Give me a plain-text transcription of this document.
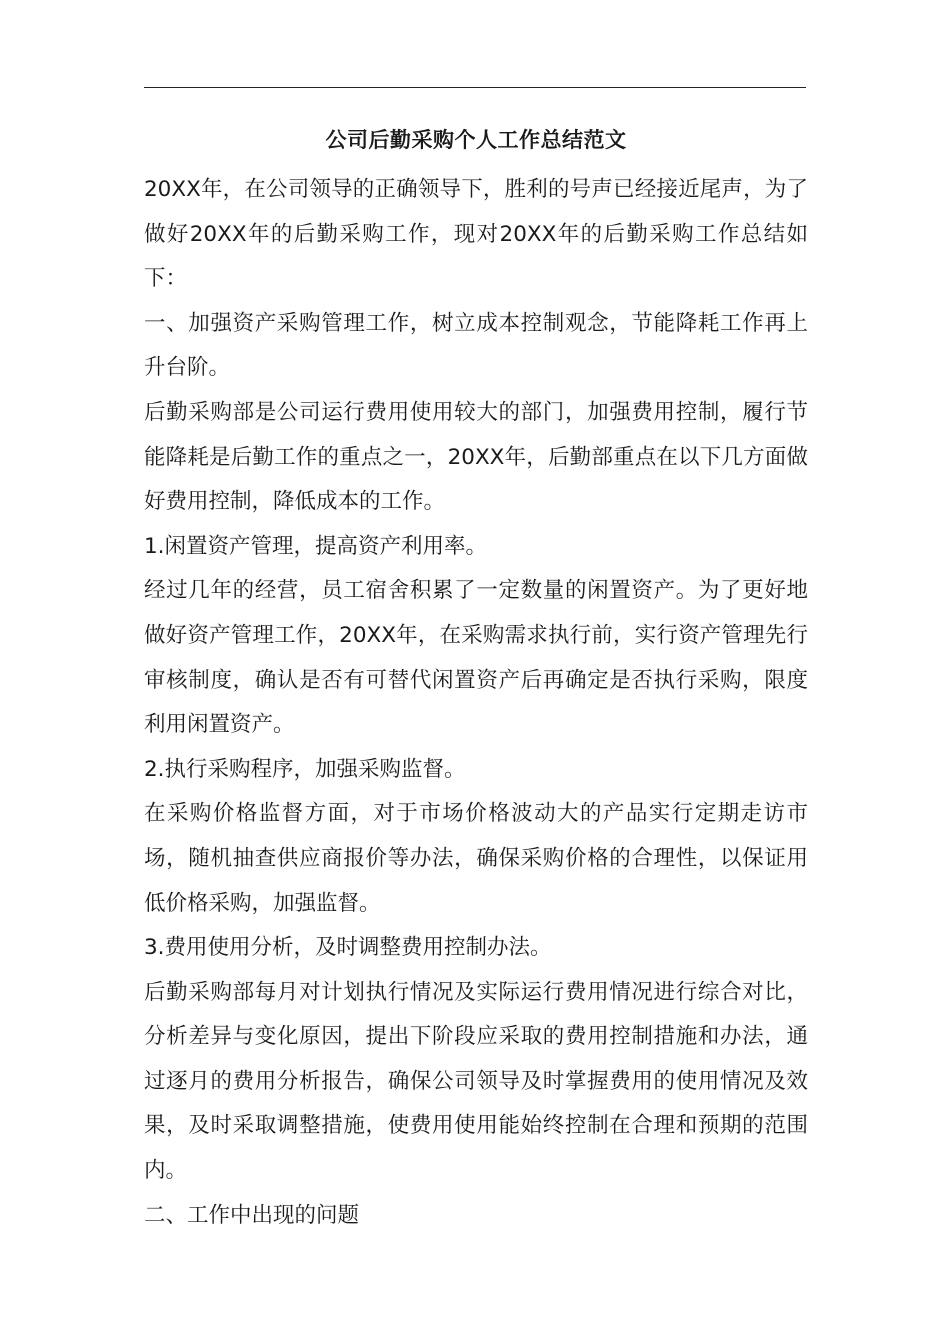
公司后勤采购个人工作总结范文

20XX年，在公司领导的正确领导下，胜利的号声已经接近尾声，为了做好20XX年的后勤采购工作，现对20XX年的后勤采购工作总结如下：

一、加强资产采购管理工作，树立成本控制观念，节能降耗工作再上升台阶。

后勤采购部是公司运行费用使用较大的部门，加强费用控制，履行节能降耗是后勤工作的重点之一，20XX年，后勤部重点在以下几方面做好费用控制，降低成本的工作。

1.闲置资产管理，提高资产利用率。

经过几年的经营，员工宿舍积累了一定数量的闲置资产。为了更好地做好资产管理工作，20XX年，在采购需求执行前，实行资产管理先行审核制度，确认是否有可替代闲置资产后再确定是否执行采购，限度利用闲置资产。

2.执行采购程序，加强采购监督。

在采购价格监督方面，对于市场价格波动大的产品实行定期走访市场，随机抽查供应商报价等办法，确保采购价格的合理性，以保证用低价格采购，加强监督。

3.费用使用分析，及时调整费用控制办法。

后勤采购部每月对计划执行情况及实际运行费用情况进行综合对比，分析差异与变化原因，提出下阶段应采取的费用控制措施和办法，通过逐月的费用分析报告，确保公司领导及时掌握费用的使用情况及效果，及时采取调整措施，使费用使用能始终控制在合理和预期的范围内。

二、工作中出现的问题
